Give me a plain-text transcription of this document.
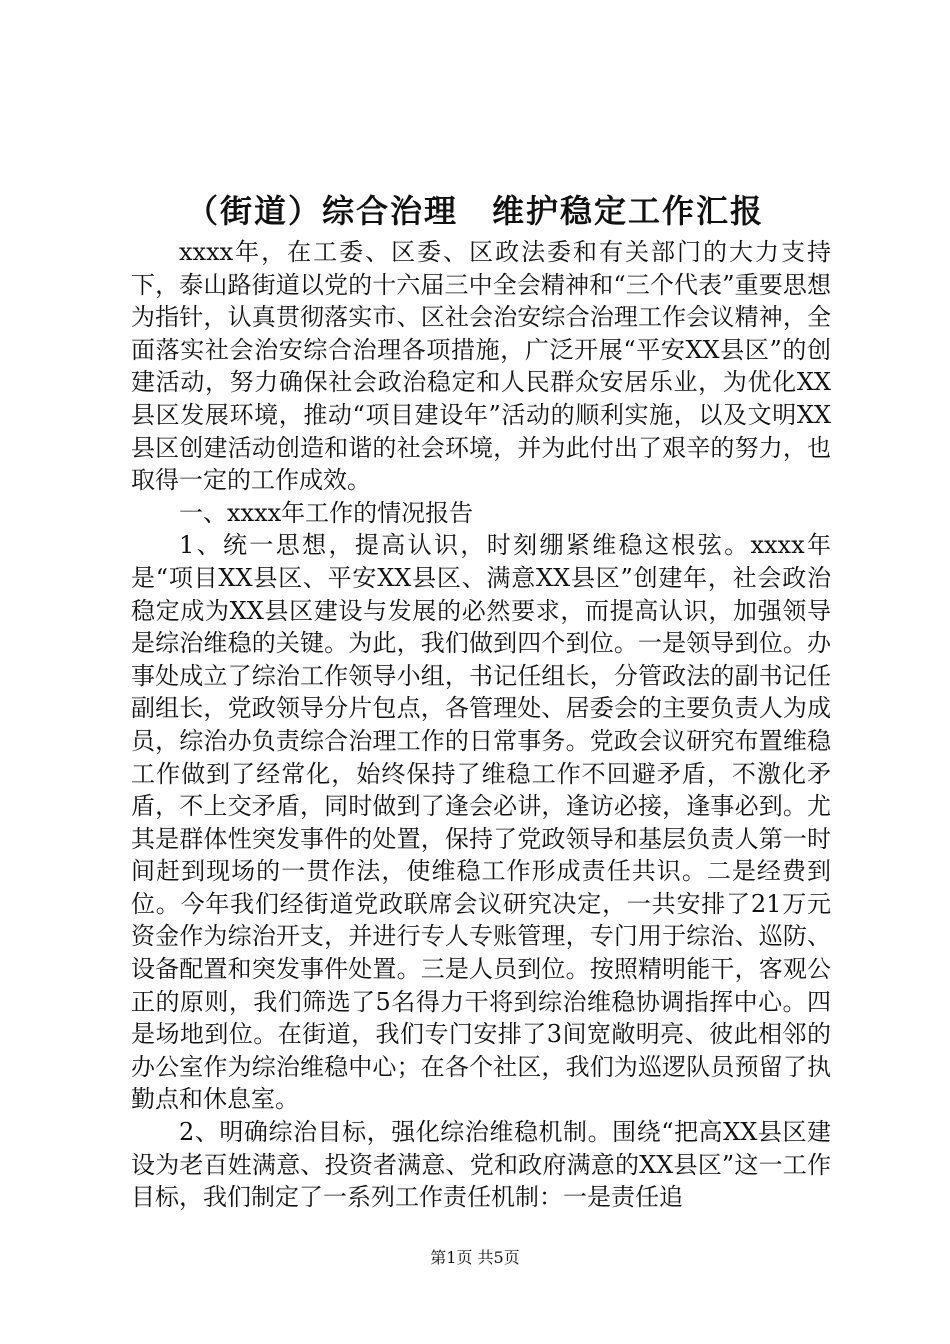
（街道）综合治理　维护稳定工作汇报

xxxx年，在工委、区委、区政法委和有关部门的大力支持下，泰山路街道以党的十六届三中全会精神和“三个代表”重要思想为指针，认真贯彻落实市、区社会治安综合治理工作会议精神，全面落实社会治安综合治理各项措施，广泛开展“平安XX县区”的创建活动，努力确保社会政治稳定和人民群众安居乐业，为优化XX县区发展环境，推动“项目建设年”活动的顺利实施，以及文明XX县区创建活动创造和谐的社会环境，并为此付出了艰辛的努力，也取得一定的工作成效。

一、xxxx年工作的情况报告

1、统一思想，提高认识，时刻绷紧维稳这根弦。xxxx年是“项目XX县区、平安XX县区、满意XX县区”创建年，社会政治稳定成为XX县区建设与发展的必然要求，而提高认识，加强领导是综治维稳的关键。为此，我们做到四个到位。一是领导到位。办事处成立了综治工作领导小组，书记任组长，分管政法的副书记任副组长，党政领导分片包点，各管理处、居委会的主要负责人为成员，综治办负责综合治理工作的日常事务。党政会议研究布置维稳工作做到了经常化，始终保持了维稳工作不回避矛盾，不激化矛盾，不上交矛盾，同时做到了逢会必讲，逢访必接，逢事必到。尤其是群体性突发事件的处置，保持了党政领导和基层负责人第一时间赶到现场的一贯作法，使维稳工作形成责任共识。二是经费到位。今年我们经街道党政联席会议研究决定，一共安排了21万元资金作为综治开支，并进行专人专账管理，专门用于综治、巡防、设备配置和突发事件处置。三是人员到位。按照精明能干，客观公正的原则，我们筛选了5名得力干将到综治维稳协调指挥中心。四是场地到位。在街道，我们专门安排了3间宽敞明亮、彼此相邻的办公室作为综治维稳中心；在各个社区，我们为巡逻队员预留了执勤点和休息室。

2、明确综治目标，强化综治维稳机制。围绕“把高XX县区建设为老百姓满意、投资者满意、党和政府满意的XX县区”这一工作目标，我们制定了一系列工作责任机制：一是责任追

第1页 共5页
